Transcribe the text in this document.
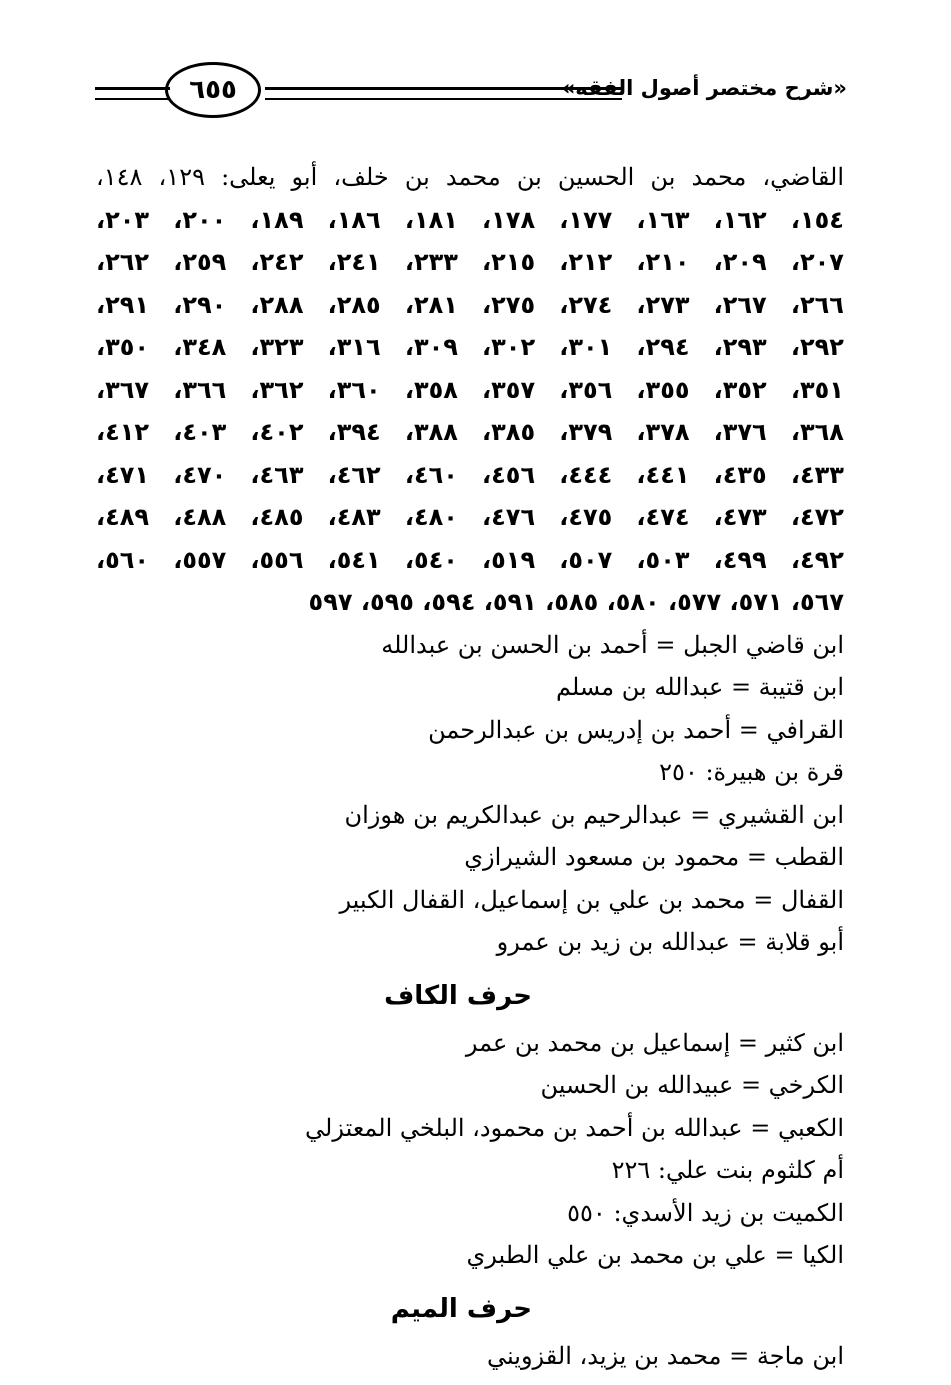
٦٥٥	«شرح مختصر أصول الفقه»
القاضي، محمد بن الحسين بن محمد بن خلف، أبو يعلى: ١٢٩، ١٤٨،
١٥٤، ١٦٢، ١٦٣، ١٧٧، ١٧٨، ١٨١، ١٨٦، ١٨٩، ٢٠٠، ٢٠٣،
٢٠٧، ٢٠٩، ٢١٠، ٢١٢، ٢١٥، ٢٣٣، ٢٤١، ٢٤٢، ٢٥٩، ٢٦٢،
٢٦٦، ٢٦٧، ٢٧٣، ٢٧٤، ٢٧٥، ٢٨١، ٢٨٥، ٢٨٨، ٢٩٠، ٢٩١،
٢٩٢، ٢٩٣، ٢٩٤، ٣٠١، ٣٠٢، ٣٠٩، ٣١٦، ٣٢٣، ٣٤٨، ٣٥٠،
٣٥١، ٣٥٢، ٣٥٥، ٣٥٦، ٣٥٧، ٣٥٨، ٣٦٠، ٣٦٢، ٣٦٦، ٣٦٧،
٣٦٨، ٣٧٦، ٣٧٨، ٣٧٩، ٣٨٥، ٣٨٨، ٣٩٤، ٤٠٢، ٤٠٣، ٤١٢،
٤٣٣، ٤٣٥، ٤٤١، ٤٤٤، ٤٥٦، ٤٦٠، ٤٦٢، ٤٦٣، ٤٧٠، ٤٧١،
٤٧٢، ٤٧٣، ٤٧٤، ٤٧٥، ٤٧٦، ٤٨٠، ٤٨٣، ٤٨٥، ٤٨٨، ٤٨٩،
٤٩٢، ٤٩٩، ٥٠٣، ٥٠٧، ٥١٩، ٥٤٠، ٥٤١، ٥٥٦، ٥٥٧، ٥٦٠،
٥٦٧، ٥٧١، ٥٧٧، ٥٨٠، ٥٨٥، ٥٩١، ٥٩٤، ٥٩٥، ٥٩٧
ابن قاضي الجبل = أحمد بن الحسن بن عبدالله
ابن قتيبة = عبدالله بن مسلم
القرافي = أحمد بن إدريس بن عبدالرحمن
قرة بن هبيرة: ٢٥٠
ابن القشيري = عبدالرحيم بن عبدالكريم بن هوزان
القطب = محمود بن مسعود الشيرازي
القفال = محمد بن علي بن إسماعيل، القفال الكبير
أبو قلابة = عبدالله بن زيد بن عمرو
حرف الكاف
ابن كثير = إسماعيل بن محمد بن عمر
الكرخي = عبيدالله بن الحسين
الكعبي = عبدالله بن أحمد بن محمود، البلخي المعتزلي
أم كلثوم بنت علي: ٢٢٦
الكميت بن زيد الأسدي: ٥٥٠
الكيا = علي بن محمد بن علي الطبري
حرف الميم
ابن ماجة = محمد بن يزيد، القزويني
